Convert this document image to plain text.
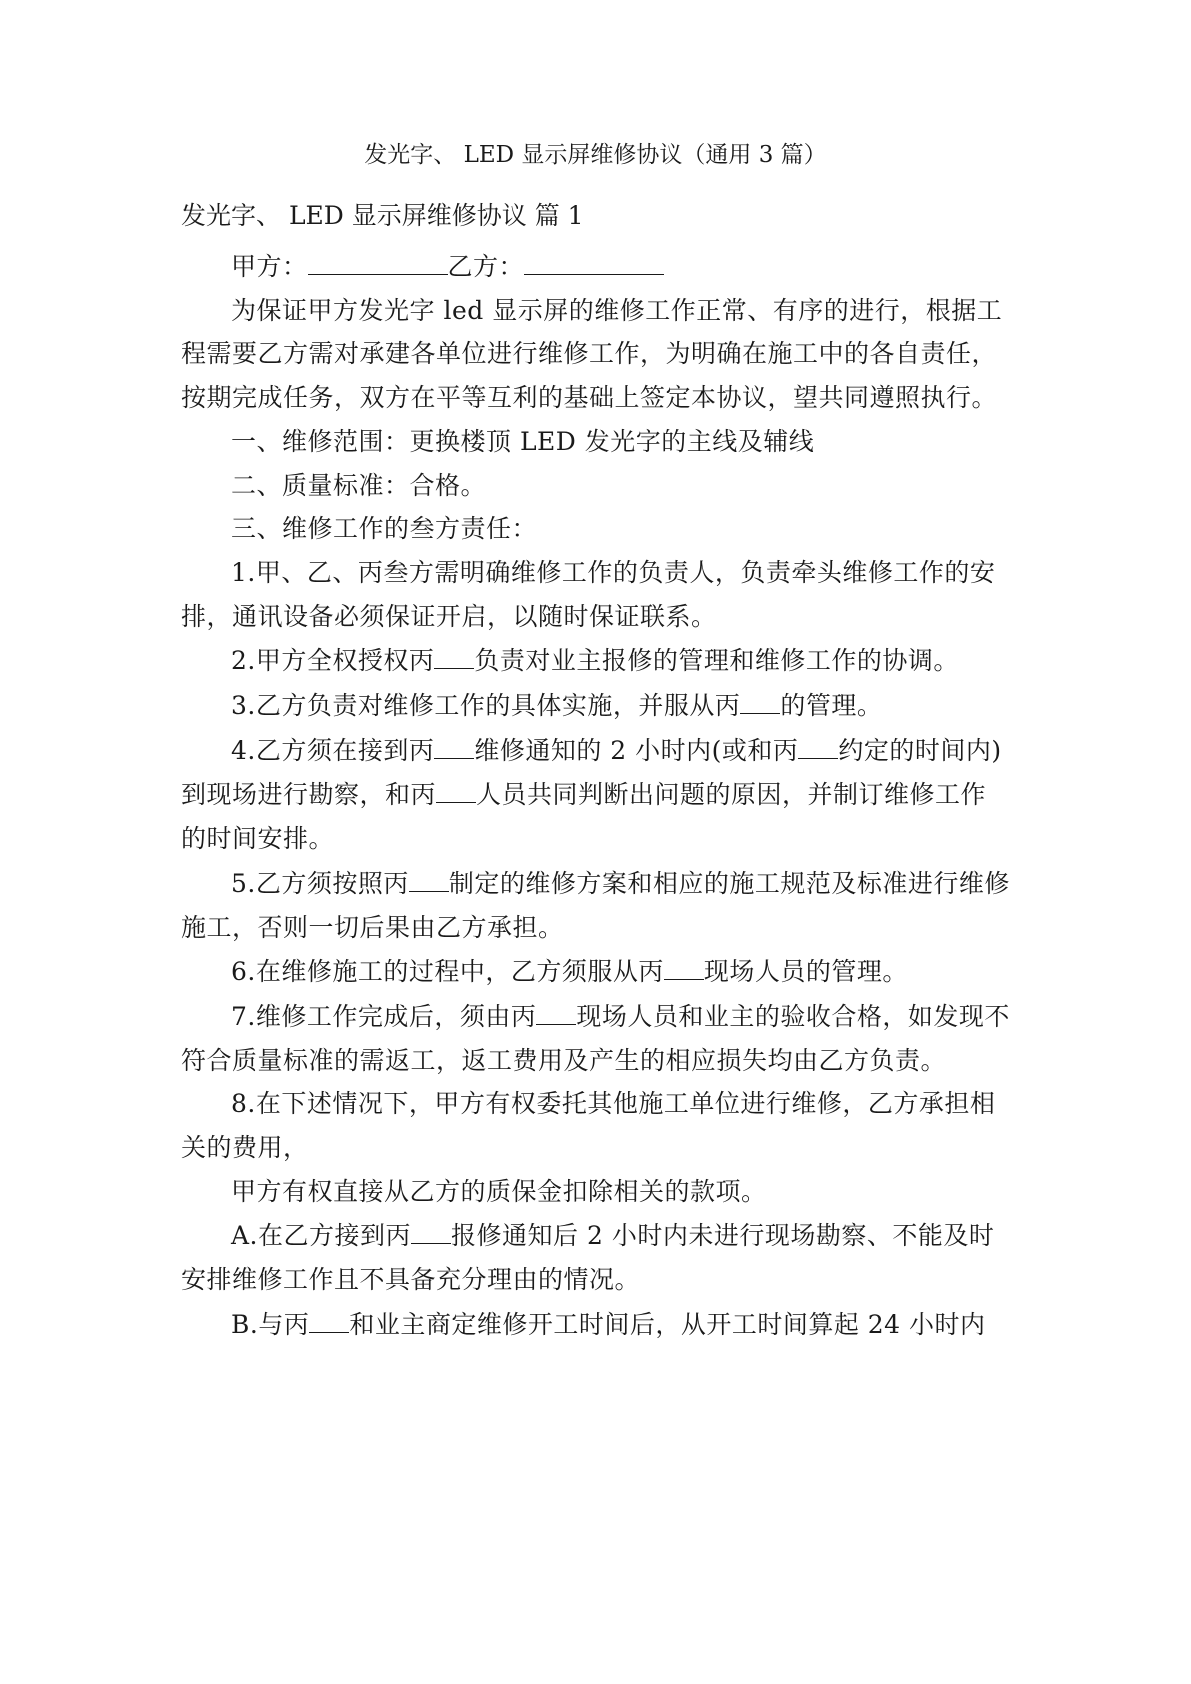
发光字、 LED 显示屏维修协议（通用 3 篇）
发光字、 LED 显示屏维修协议 篇 1

甲方：	乙方：

为保证甲方发光字 led 显示屏的维修工作正常、有序的进行，根据工程需要乙方需对承建各单位进行维修工作，为明确在施工中的各自责任，按期完成任务，双方在平等互利的基础上签定本协议，望共同遵照执行。

一、维修范围：更换楼顶 LED 发光字的主线及辅线

二、质量标准：合格。

三、维修工作的叁方责任：

1.甲、乙、丙叁方需明确维修工作的负责人，负责牵头维修工作的安排，通讯设备必须保证开启，以随时保证联系。

2.甲方全权授权丙 负责对业主报修的管理和维修工作的协调。

3.乙方负责对维修工作的具体实施，并服从丙 的管理。

4.乙方须在接到丙 维修通知的 2 小时内(或和丙 约定的时间内)到现场进行勘察，和丙 人员共同判断出问题的原因，并制订维修工作的时间安排。

5.乙方须按照丙 制定的维修方案和相应的施工规范及标准进行维修施工，否则一切后果由乙方承担。

6.在维修施工的过程中，乙方须服从丙 现场人员的管理。

7.维修工作完成后，须由丙 现场人员和业主的验收合格，如发现不符合质量标准的需返工，返工费用及产生的相应损失均由乙方负责。

8.在下述情况下，甲方有权委托其他施工单位进行维修，乙方承担相关的费用，

甲方有权直接从乙方的质保金扣除相关的款项。

A.在乙方接到丙 报修通知后 2 小时内未进行现场勘察、不能及时安排维修工作且不具备充分理由的情况。

B.与丙 和业主商定维修开工时间后，从开工时间算起 24 小时内
